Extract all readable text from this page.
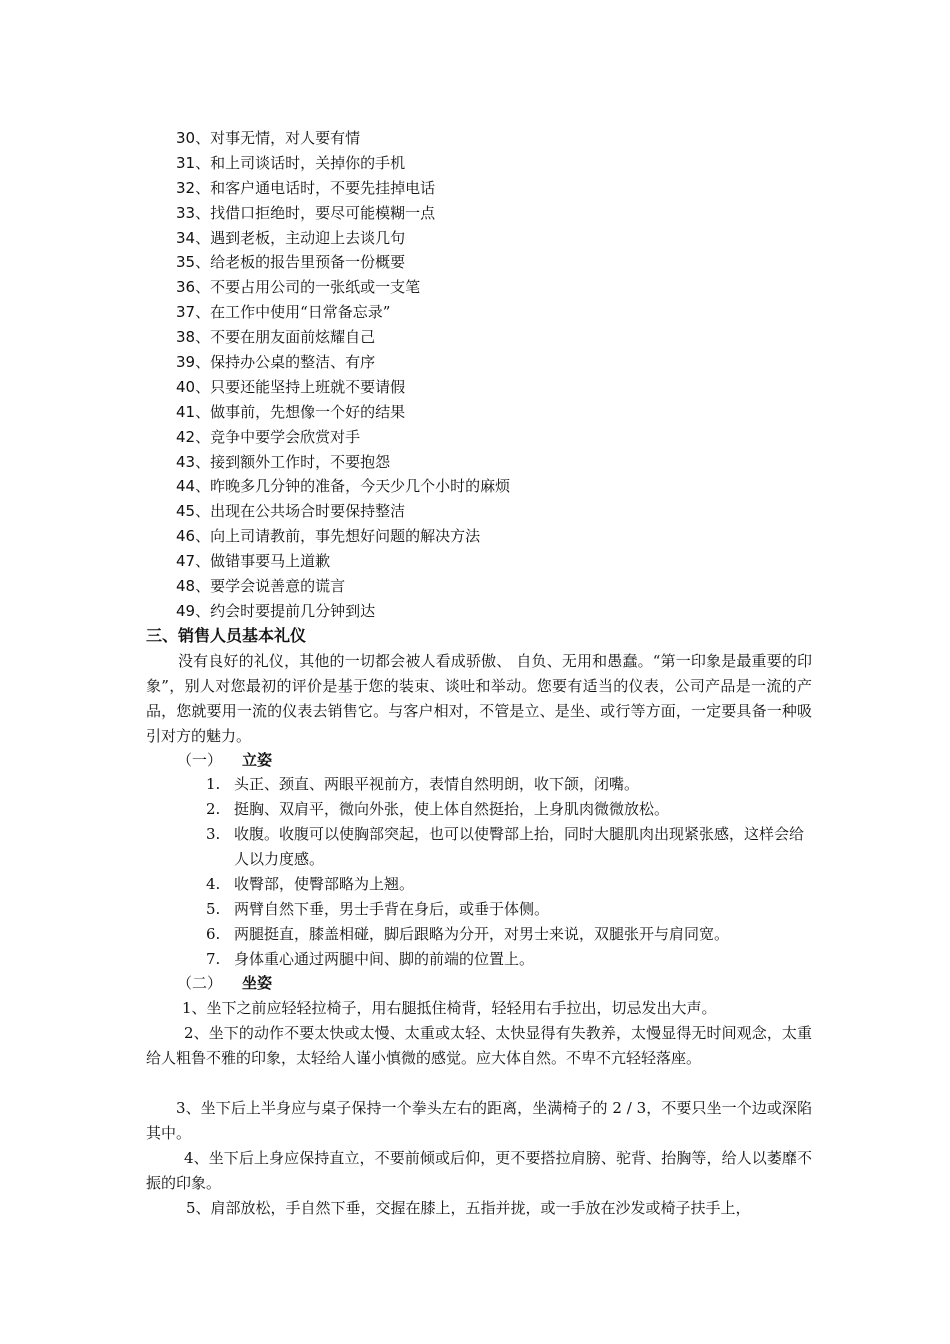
30、对事无情，对人要有情
31、和上司谈话时，关掉你的手机
32、和客户通电话时，不要先挂掉电话
33、找借口拒绝时，要尽可能模糊一点
34、遇到老板，主动迎上去谈几句
35、给老板的报告里预备一份概要
36、不要占用公司的一张纸或一支笔
37、在工作中使用“日常备忘录”
38、不要在朋友面前炫耀自己
39、保持办公桌的整洁、有序
40、只要还能坚持上班就不要请假
41、做事前，先想像一个好的结果
42、竞争中要学会欣赏对手
43、接到额外工作时，不要抱怨
44、昨晚多几分钟的准备，今天少几个小时的麻烦
45、出现在公共场合时要保持整洁
46、向上司请教前，事先想好问题的解决方法
47、做错事要马上道歉
48、要学会说善意的谎言
49、约会时要提前几分钟到达
三、销售人员基本礼仪

没有良好的礼仪，其他的一切都会被人看成骄傲、 自负、无用和愚蠢。“第一印象是最重要的印象”，别人对您最初的评价是基于您的装束、谈吐和举动。您要有适当的仪表，公司产品是一流的产品，您就要用一流的仪表去销售它。与客户相对，不管是立、是坐、或行等方面，一定要具备一种吸引对方的魅力。

（一） 立姿
1. 头正、颈直、两眼平视前方，表情自然明朗，收下颌，闭嘴。
2. 挺胸、双肩平，微向外张，使上体自然挺抬，上身肌肉微微放松。
3. 收腹。收腹可以使胸部突起，也可以使臀部上抬，同时大腿肌肉出现紧张感，这样会给人以力度感。
4. 收臀部，使臀部略为上翘。
5. 两臂自然下垂，男士手背在身后，或垂于体侧。
6. 两腿挺直，膝盖相碰，脚后跟略为分开，对男士来说，双腿张开与肩同宽。
7. 身体重心通过两腿中间、脚的前端的位置上。
（二） 坐姿

1、坐下之前应轻轻拉椅子，用右腿抵住椅背，轻轻用右手拉出，切忌发出大声。

2、坐下的动作不要太快或太慢、太重或太轻、太快显得有失教养，太慢显得无时间观念，太重给人粗鲁不雅的印象，太轻给人谨小慎微的感觉。应大体自然。不卑不亢轻轻落座。

3、坐下后上半身应与桌子保持一个拳头左右的距离，坐满椅子的 2 / 3，不要只坐一个边或深陷其中。

4、坐下后上身应保持直立，不要前倾或后仰，更不要搭拉肩膀、驼背、抬胸等，给人以萎靡不振的印象。

5、肩部放松，手自然下垂，交握在膝上，五指并拢，或一手放在沙发或椅子扶手上，
